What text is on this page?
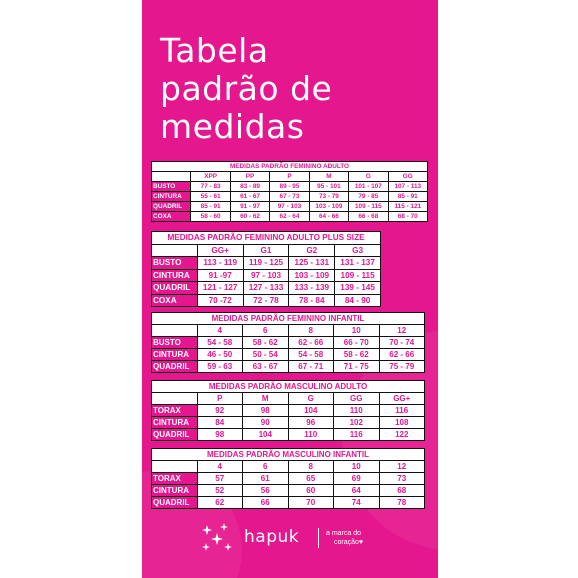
Tabela
padrão de
medidas
MEDIDAS PADRÃO FEMININO ADULTO						
	XPP	PP	P	M	G	GG
BUSTO	77 - 83	83 - 89	89 - 95	95 - 101	101 - 107	107 - 113
CINTURA	55 - 61	61 - 67	67 - 73	73 - 79	79 - 85	85 - 91
QUADRIL	85 - 91	91 - 97	97 - 103	103 - 109	109 - 115	115 - 121
COXA	58 - 60	60 - 62	62 - 64	64 - 66	66 - 68	68 - 70
MEDIDAS PADRÃO FEMININO ADULTO PLUS SIZE				
	GG+	G1	G2	G3
BUSTO	113 - 119	119 - 125	125 - 131	131 - 137
CINTURA	91 -97	97 - 103	103 - 109	109 - 115
QUADRIL	121 - 127	127 - 133	133 - 139	139 - 145
COXA	70 -72	72 - 78	78 - 84	84 - 90
MEDIDAS PADRÃO FEMININO INFANTIL					
	4	6	8	10	12
BUSTO	54 - 58	58 - 62	62 - 66	66 - 70	70 - 74
CINTURA	46 - 50	50 - 54	54 - 58	58 - 62	62 - 66
QUADRIL	59 - 63	63 - 67	67 - 71	71 - 75	75 - 79
MEDIDAS PADRÃO MASCULINO ADULTO					
	P	M	G	GG	GG+
TORAX	92	98	104	110	116
CINTURA	84	90	96	102	108
QUADRIL	98	104	110	116	122
MEDIDAS PADRÃO MASCULINO INFANTIL					
	4	6	8	10	12
TORAX	57	61	65	69	73
CINTURA	52	56	60	64	68
QUADRIL	62	66	70	74	78
hapuk	a marca do
coração♥
